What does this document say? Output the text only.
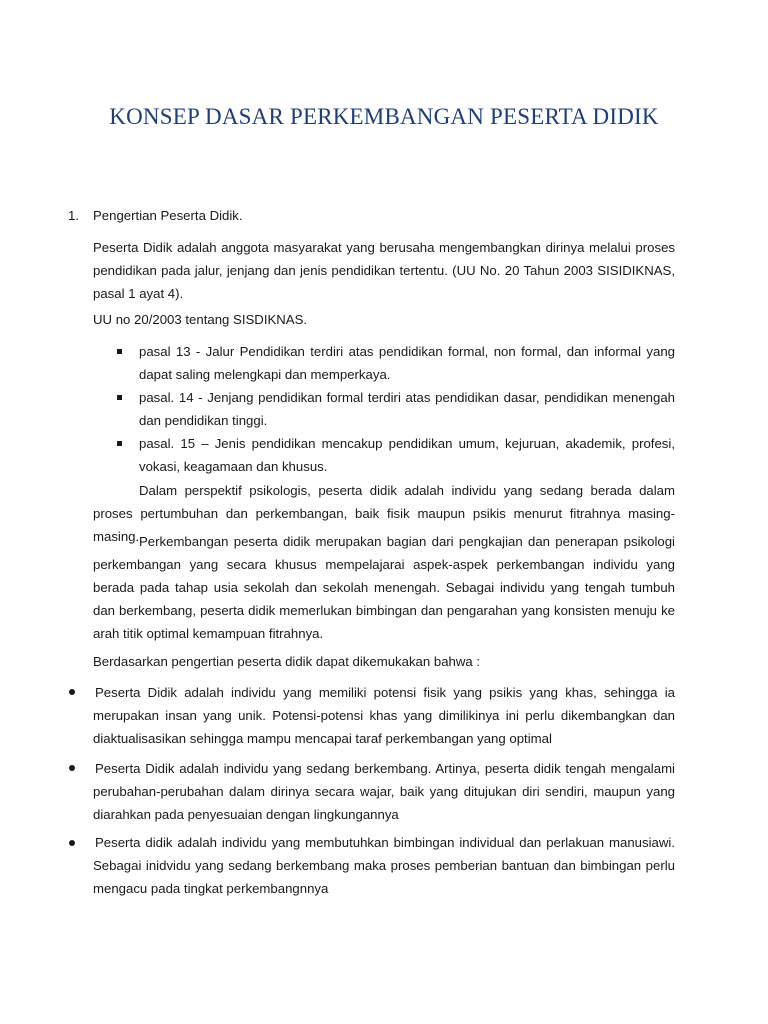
KONSEP DASAR PERKEMBANGAN PESERTA DIDIK
1. Pengertian Peserta Didik.
Peserta Didik adalah anggota masyarakat yang berusaha mengembangkan dirinya melalui proses pendidikan pada jalur, jenjang dan jenis pendidikan tertentu. (UU No. 20 Tahun 2003 SISIDIKNAS, pasal 1 ayat 4).
UU no 20/2003 tentang SISDIKNAS.
pasal 13 - Jalur Pendidikan terdiri atas pendidikan formal, non formal, dan informal yang dapat saling melengkapi dan memperkaya.
pasal. 14 - Jenjang pendidikan formal terdiri atas pendidikan dasar, pendidikan menengah dan pendidikan tinggi.
pasal. 15 – Jenis pendidikan mencakup pendidikan umum, kejuruan, akademik, profesi, vokasi, keagamaan dan khusus.
Dalam perspektif psikologis, peserta didik adalah individu yang sedang berada dalam proses pertumbuhan dan perkembangan, baik fisik maupun psikis menurut fitrahnya masing-masing. Perkembangan peserta didik merupakan bagian dari pengkajian dan penerapan psikologi perkembangan yang secara khusus mempelajarai aspek-aspek perkembangan individu yang berada pada tahap usia sekolah dan sekolah menengah. Sebagai individu yang tengah tumbuh dan berkembang, peserta didik memerlukan bimbingan dan pengarahan yang konsisten menuju ke arah titik optimal kemampuan fitrahnya.
Berdasarkan pengertian peserta didik dapat dikemukakan bahwa :
Peserta Didik adalah individu yang memiliki potensi fisik yang psikis yang khas, sehingga ia merupakan insan yang unik. Potensi-potensi khas yang dimilikinya ini perlu dikembangkan dan diaktualisasikan sehingga mampu mencapai taraf perkembangan yang optimal
Peserta Didik adalah individu yang sedang berkembang. Artinya, peserta didik tengah mengalami perubahan-perubahan dalam dirinya secara wajar, baik yang ditujukan diri sendiri, maupun yang diarahkan pada penyesuaian dengan lingkungannya
Peserta didik adalah individu yang membutuhkan bimbingan individual dan perlakuan manusiawi. Sebagai inidvidu yang sedang berkembang maka proses pemberian bantuan dan bimbingan perlu mengacu pada tingkat perkembangnnya
